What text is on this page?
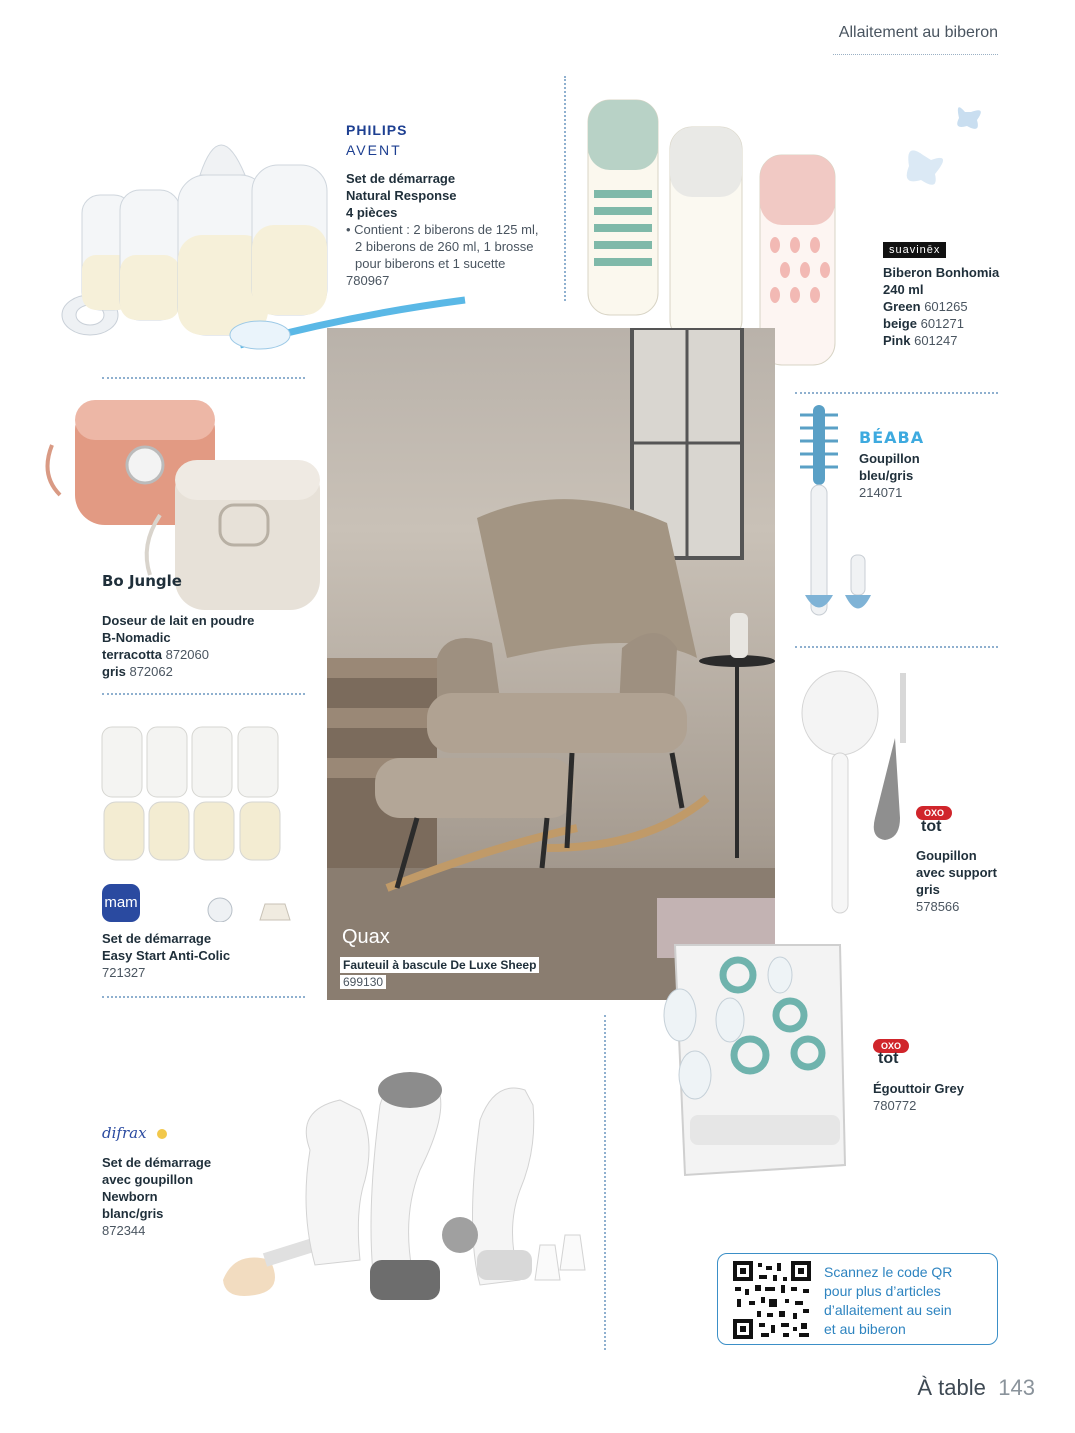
Allaitement au biberon
PHILIPS
AVENT
Set de démarrage
Natural Response
4 pièces
• Contient : 2 biberons de 125 ml,
2 biberons de 260 ml, 1 brosse
pour biberons et 1 sucette
780967
suavinēx
Biberon Bonhomia
240 ml
Green 601265
beige 601271
Pink 601247
Bo Jungle
Doseur de lait en poudre
B-Nomadic
terracotta 872060
gris 872062
Quax
Fauteuil à bascule De Luxe Sheep
699130
BÉABA
Goupillon
bleu/gris
214071
mam
Set de démarrage
Easy Start Anti-Colic
721327
OXO
tot
Goupillon
avec support
gris
578566
OXO
tot
Égouttoir Grey
780772
difrax
Set de démarrage
avec goupillon
Newborn
blanc/gris
872344
Scannez le code QR
pour plus d’articles
d’allaitement au sein
et au biberon
À table 143
